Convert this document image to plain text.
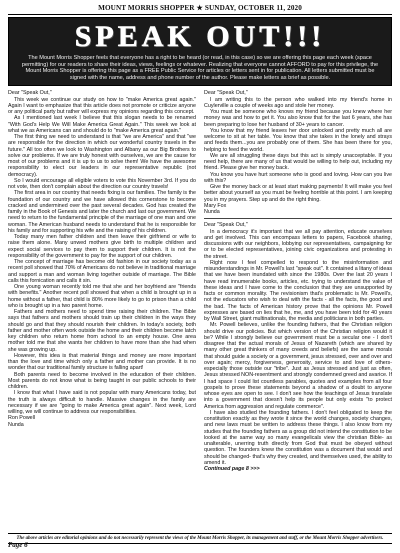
MOUNT MORRIS SHOPPER ★ SUNDAY, OCTOBER 11, 2020
SPEAK OUT!!!
The Mount Morris Shopper feels that everyone has a right to be heard (or read, in this case) so we are offering this page each week (space permitting) for our readers to share their ideas, views, feelings or whatever. Realizing that everyone cannot AFFORD to pay for this privilege, the Mount Morris Shopper is offering this page as a FREE Public Service for articles or letters sent in for publication. All letters submitted must be signed with the name, address and phone number of the author. Please make letters as brief as possible.

Dear "Speak Out,"

This week we continue our study on how to "make America great again." Again I want to emphasize that this article does not promote or criticize anyone or any political party but rather will express my opinions regarding this concept.

As I mentioned last week I believe that this slogan needs to be renamed "With God's Help We Will Make America Great Again." This week we look at what we as Americans can and should do to "make America great again."

The first thing we need to understand is that "we are America" and that "we are responsible for the direction in which our wonderful country travels in the future." All too often we look to Washington and Albany as our Big Brothers to solve our problems. If we are truly honest with ourselves, we are the cause for most of our problems and it is up to us to solve them! We have the awesome responsibility to elect our leaders in our representative republic (not democracy).

So I would encourage all eligible voters to vote this November 3rd. If you do not vote, then don't complain about the direction our country travels!

The first area in our country that needs fixing is our families. The family is the foundation of our country and we have allowed this cornerstone to become cracked and undermined over the past several decades. God has created the family in the Book of Genesis and later the church and last our government. We need to return to the fundamental principle of the marriage of one man and one woman. The American husband needs to understand that he is responsible for his family and for supporting his wife and the raising of his children.

Today many men father children and then leave their girlfriend or wife to raise them alone. Many unwed mothers give birth to multiple children and expect social services to pay them to support their children. It is not the responsibility of the government to pay for the support of our children.

The concept of marriage has become old fashion in our society today as a recent poll showed that 70% of Americans do not believe in traditional marriage and support a man and woman living together outside of marriage. The Bible calls this fornication and calls it sin.

One young woman recently told me that she and her boyfriend are "friends with benefits." Another recent poll showed that when a child is brought up in a home without a father, that child is 80% more likely to go to prison than a child who is brought up in a two parent home.

Fathers and mothers need to spend time raising their children. The Bible says that fathers and mothers should train up their children in the ways they should go and that they should nourish their children. In today's society, both father and mother often work outside the home and their children become latch key children who return home from school to an empty house. One area mother told me that she wants her children to have more than she had when she was growing up.

However, this idea is that material things and money are more important than the love and time which only a father and mother can provide. It is no wonder that our traditional family structure is falling apart!

Both parents need to become involved in the education of their children. Most parents do not know what is being taught in our public schools to their children.

I know that what I have said is not popular with many Americans today, but the truth is always difficult to handle. Massive changes in the family are necessary if we are "going to make America great again". Next week, Lord willing, we will continue to address our responsibilities.

Ron Powell

Nunda

Dear "Speak Out,"

I am writing this to the person who walked into my friend's home in Cuylerville a couple of weeks ago and stole her money.

You must be someone who knows my friend because you knew where her money was and how to get it. You also know that for the last 6 years, she has been preparing to lose her husband of 30+ years to cancer.

You know that my friend leaves her door unlocked and pretty much all are welcome to sit at her table. You know that she takes in the lonely and strays and feeds them...you are probably one of them. She has been there for you, helping to feed the world.

We are all struggling these days but this act is simply unacceptable. If you need help, there are many of us that would be willing to help out, including my friend. Please give her money back.

You know you have hurt someone who is good and loving. How can you live with this?

Give the money back or at least start making payments! It will make you feel better about yourself as you must be feeling horrible at this point. I am keeping you in my prayers. Step up and do the right thing.

Mary Fox

Nunda

Dear "Speak Out,"

In a democracy it's important that we all pay attention, educate ourselves and get involved. This can encompass letters to papers, Facebook sharing, discussions with our neighbors, lobbying our representatives, campaigning for or to be elected representatives, joining civic organizations and protesting in the street.

Right now I feel compelled to respond to the misinformation and misunderstandings in Mr. Powell's last "speak out". It contained a litany of ideas that we have been inundated with since the 1980s. Over the last 20 years I have read innumerable books, articles, etc. trying to understand the value of these ideas and I have come to the conclusion that they are unsupported by facts or common morality. The revisionism that's problematic is Mr. Powell's, not the educators who wish to deal with the facts - all the facts, the good and the bad. The facts of American history prove that the opinions Mr. Powell expresses are based on lies that he, me, and you have been told for 40 years by Wall Street, giant multinationals, the media and politicians in both parties.

Mr. Powell believes, unlike the founding fathers, that the Christian religion should drive our policies. But which version of the Christian religion would it be? While I strongly believe our government must be a secular one - I don't disagree that the actual morals of Jesus of Nazareth (which are shared by many other great thinkers of many creeds and beliefs) are the same morals that should guide a society or a government, jesus stressed, over and over and over again; mercy, forgiveness, generosity, service to and love of others- especially those outside our "tribe". Just as Jesus stressed and just as often, Jesus stressed NON-resentment and strongly condemned greed and avarice. If I had space I could list countless parables, quotes and examples from all four gospels to prove these statements beyond a shadow of a doubt to anyone whose eyes are open to see. I don't see how the teachings of Jesus translate into a government that doesn't help its people but only exists "to protect America from aggression and regulate commerce".

I have also studied the founding fathers. I don't feel obligated to keep the constitution exactly as they wrote it since the world changes, society changes, and new laws must be written to address these things. I also know from my studies that the founding fathers as a group did not intend the constitution to be looked at the same way so many evangelicals view the christian Bible- as unalterable, unerring truth directly from God that must be obeyed without question. The founders knew the constitution was a document that would and should be changed- that's why they created, and themselves used, the ability to amend it.

Continued page 8 >>>

The above articles are editorial opinions and do not necessarily represent the views of the Mount Morris Shopper, its management and staff, or the Mount Morris Shopper advertisers.
Page 6
